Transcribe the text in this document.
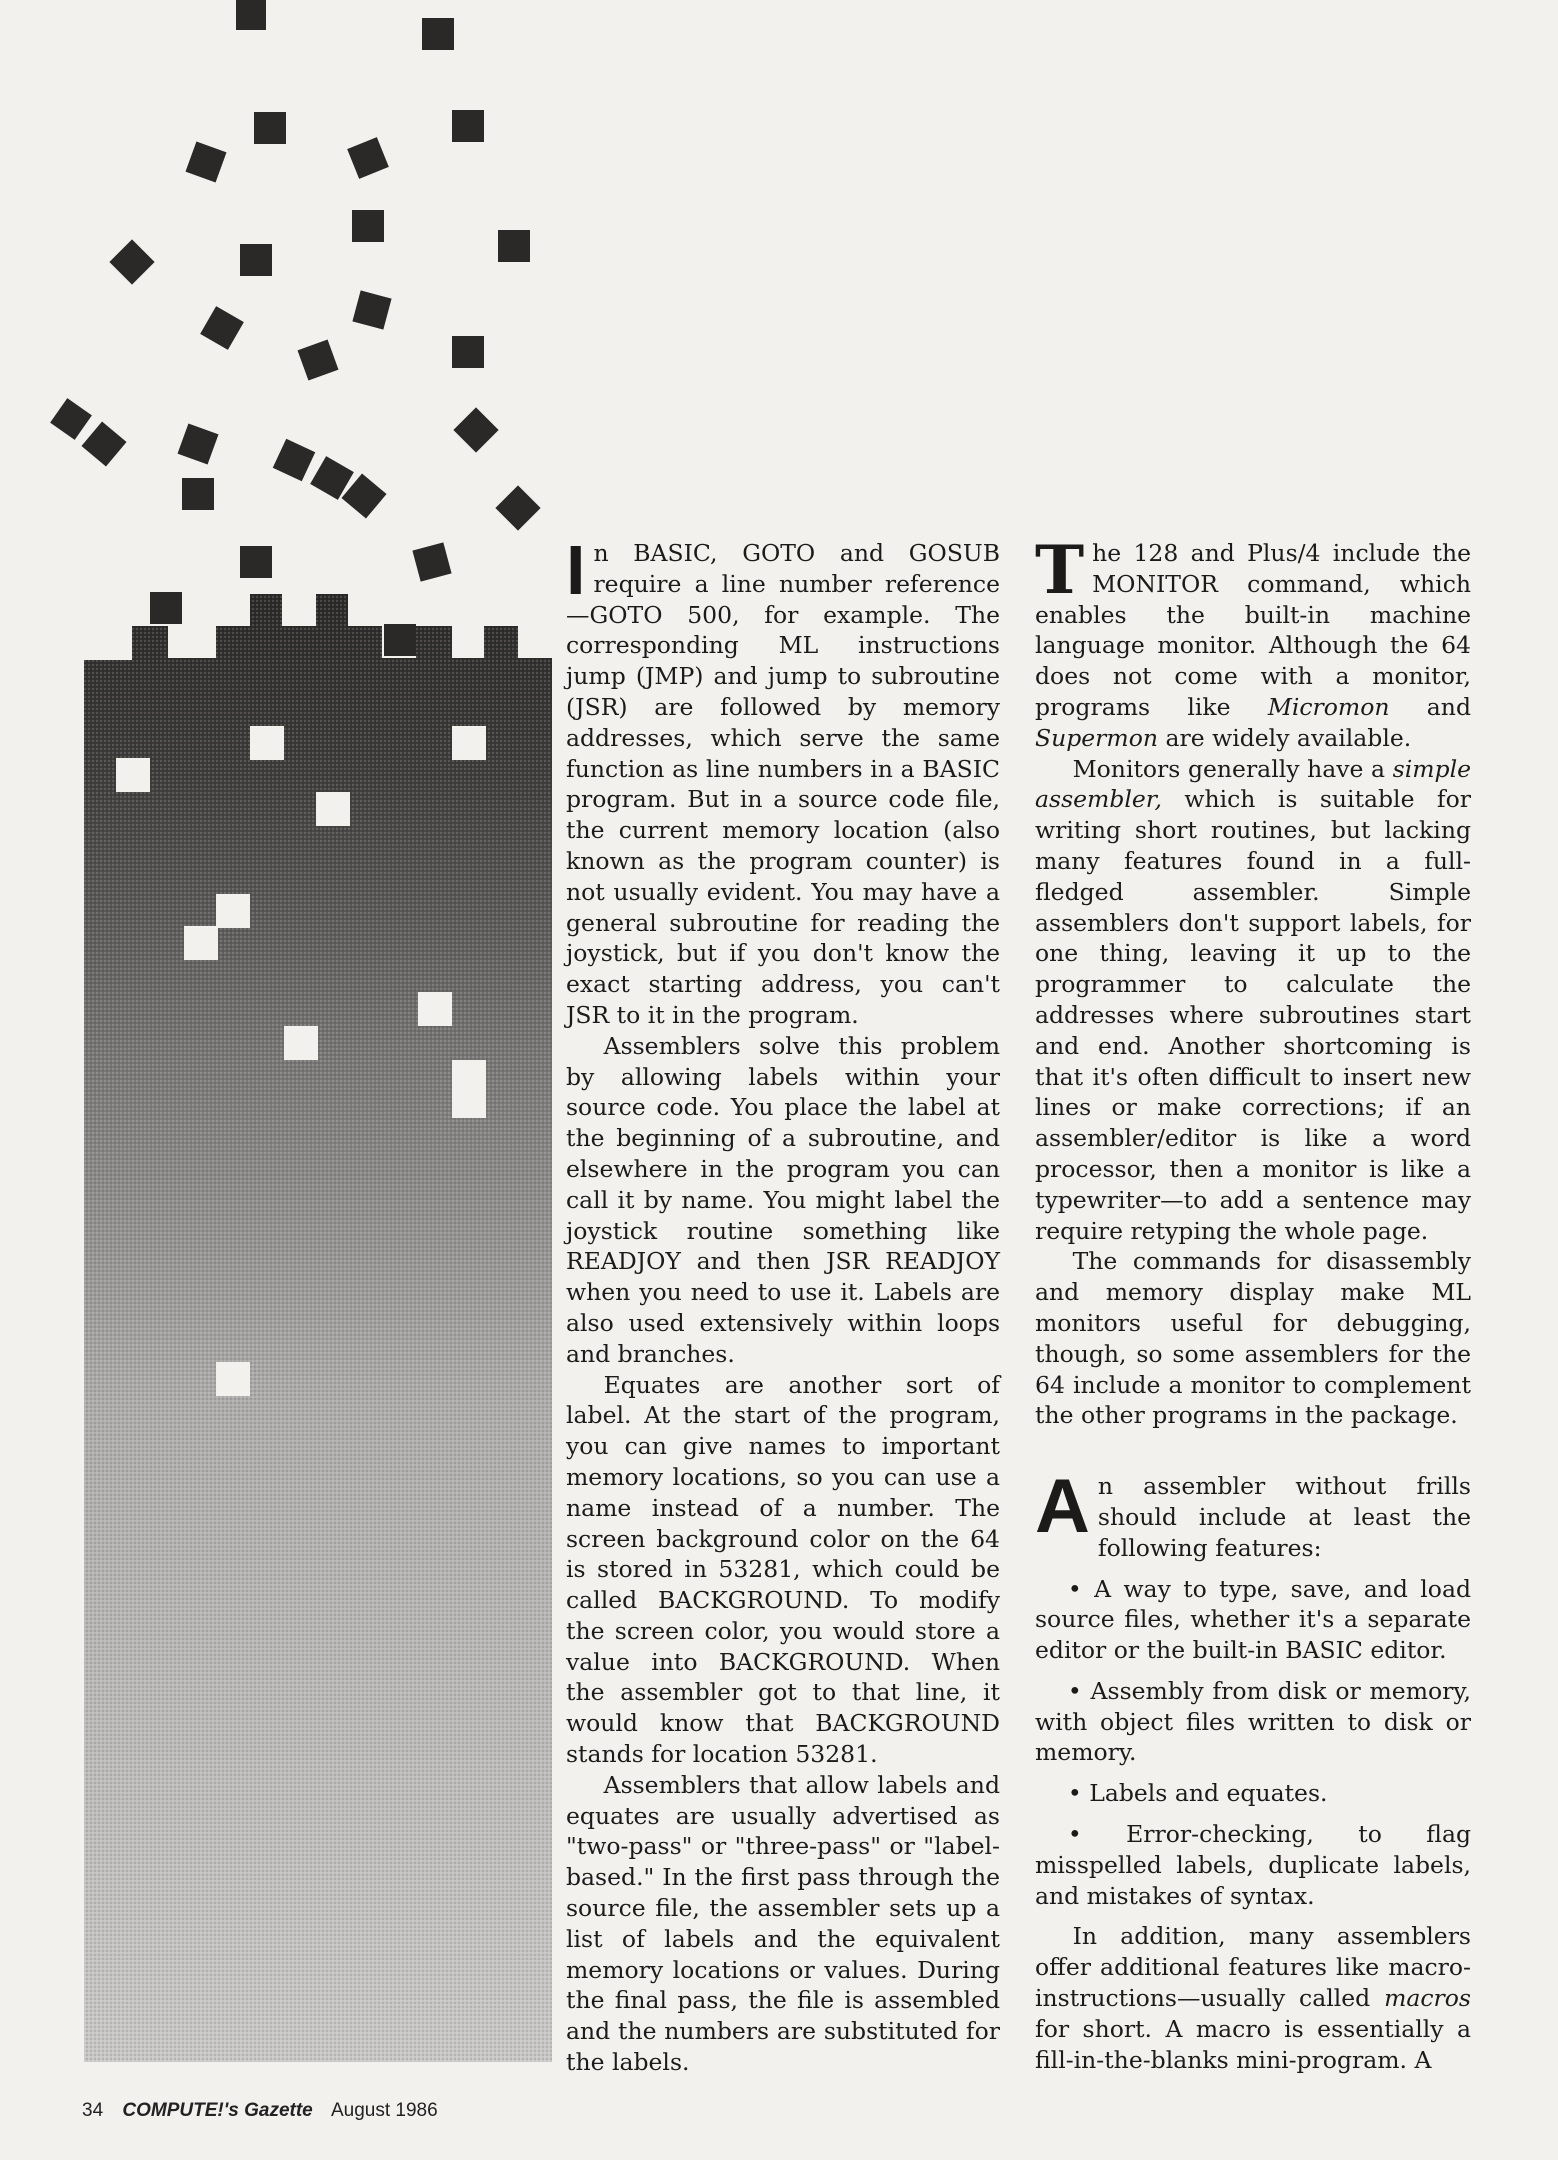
In BASIC, GOTO and GOSUB require a line number reference—GOTO 500, for example. The corresponding ML instructions jump (JMP) and jump to subroutine (JSR) are followed by memory addresses, which serve the same function as line numbers in a BASIC program. But in a source code file, the current memory location (also known as the program counter) is not usually evident. You may have a general subroutine for reading the joystick, but if you don't know the exact starting address, you can't JSR to it in the program.

Assemblers solve this problem by allowing labels within your source code. You place the label at the beginning of a subroutine, and elsewhere in the program you can call it by name. You might label the joystick routine something like READJOY and then JSR READJOY when you need to use it. Labels are also used extensively within loops and branches.

Equates are another sort of label. At the start of the program, you can give names to important memory locations, so you can use a name instead of a number. The screen background color on the 64 is stored in 53281, which could be called BACKGROUND. To modify the screen color, you would store a value into BACKGROUND. When the assembler got to that line, it would know that BACKGROUND stands for location 53281.

Assemblers that allow labels and equates are usually advertised as "two-pass" or "three-pass" or "label-based." In the first pass through the source file, the assembler sets up a list of labels and the equivalent memory locations or values. During the final pass, the file is assembled and the numbers are substituted for the labels.

The 128 and Plus/4 include the MONITOR command, which enables the built-in machine language monitor. Although the 64 does not come with a monitor, programs like Micromon and Supermon are widely available.

Monitors generally have a simple assembler, which is suitable for writing short routines, but lacking many features found in a full-fledged assembler. Simple assemblers don't support labels, for one thing, leaving it up to the programmer to calculate the addresses where subroutines start and end. Another shortcoming is that it's often difficult to insert new lines or make corrections; if an assembler/editor is like a word processor, then a monitor is like a typewriter—to add a sentence may require retyping the whole page.

The commands for disassembly and memory display make ML monitors useful for debugging, though, so some assemblers for the 64 include a monitor to complement the other programs in the package.

An assembler without frills should include at least the following features:

• A way to type, save, and load source files, whether it's a separate editor or the built-in BASIC editor.

• Assembly from disk or memory, with object files written to disk or memory.

• Labels and equates.

• Error-checking, to flag misspelled labels, duplicate labels, and mistakes of syntax.

In addition, many assemblers offer additional features like macro-instructions—usually called macros for short. A macro is essentially a fill-in-the-blanks mini-program. A

34 COMPUTE!'s Gazette August 1986
